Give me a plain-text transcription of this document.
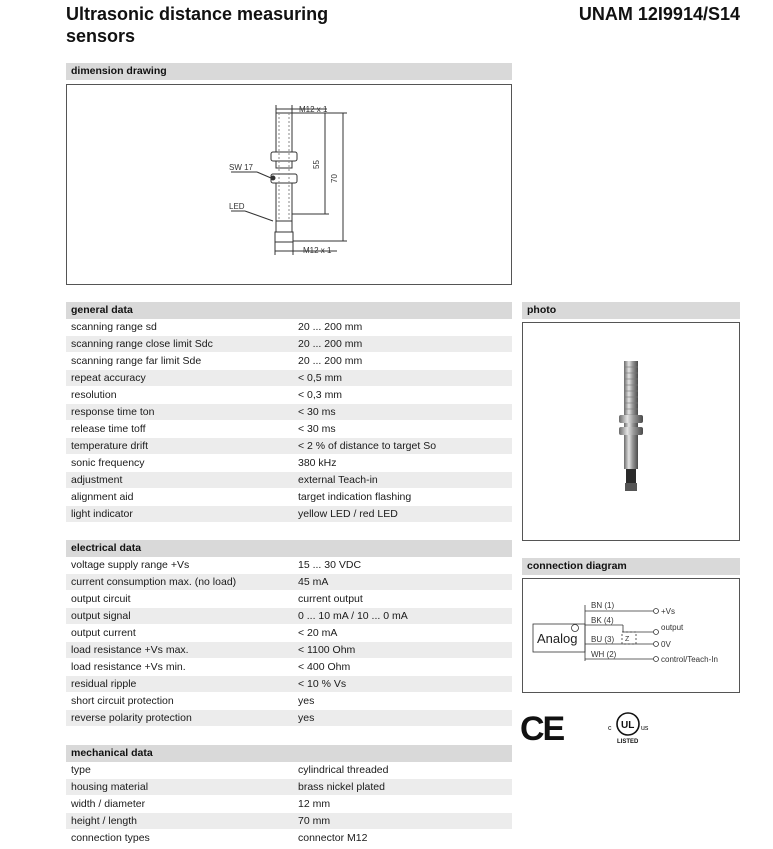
Ultrasonic distance measuring sensors
UNAM 12I9914/S14
dimension drawing
M12 x 1
M12 x 1
SW 17
LED
55
70
general data
scanning range sd	20 ... 200 mm
scanning range close limit Sdc	20 ... 200 mm
scanning range far limit Sde	20 ... 200 mm
repeat accuracy	< 0,5 mm
resolution	< 0,3 mm
response time ton	< 30 ms
release time toff	< 30 ms
temperature drift	< 2 % of distance to target So
sonic frequency	380 kHz
adjustment	external Teach-in
alignment aid	target indication flashing
light indicator	yellow LED / red LED
electrical data
voltage supply range +Vs	15 ... 30 VDC
current consumption max. (no load)	45 mA
output circuit	current output
output signal	0 ... 10 mA / 10 ... 0 mA
output current	< 20 mA
load resistance +Vs max.	< 1100 Ohm
load resistance +Vs min.	< 400 Ohm
residual ripple	< 10 % Vs
short circuit protection	yes
reverse polarity protection	yes
mechanical data
type	cylindrical threaded
housing material	brass nickel plated
width / diameter	12 mm
height / length	70 mm
connection types	connector M12
photo
connection diagram
Analog
BN (1)
BK (4)
BU (3)
WH (2)
Z
+Vs
output
0V
control/Teach-In
CE	c UL us
LISTED
